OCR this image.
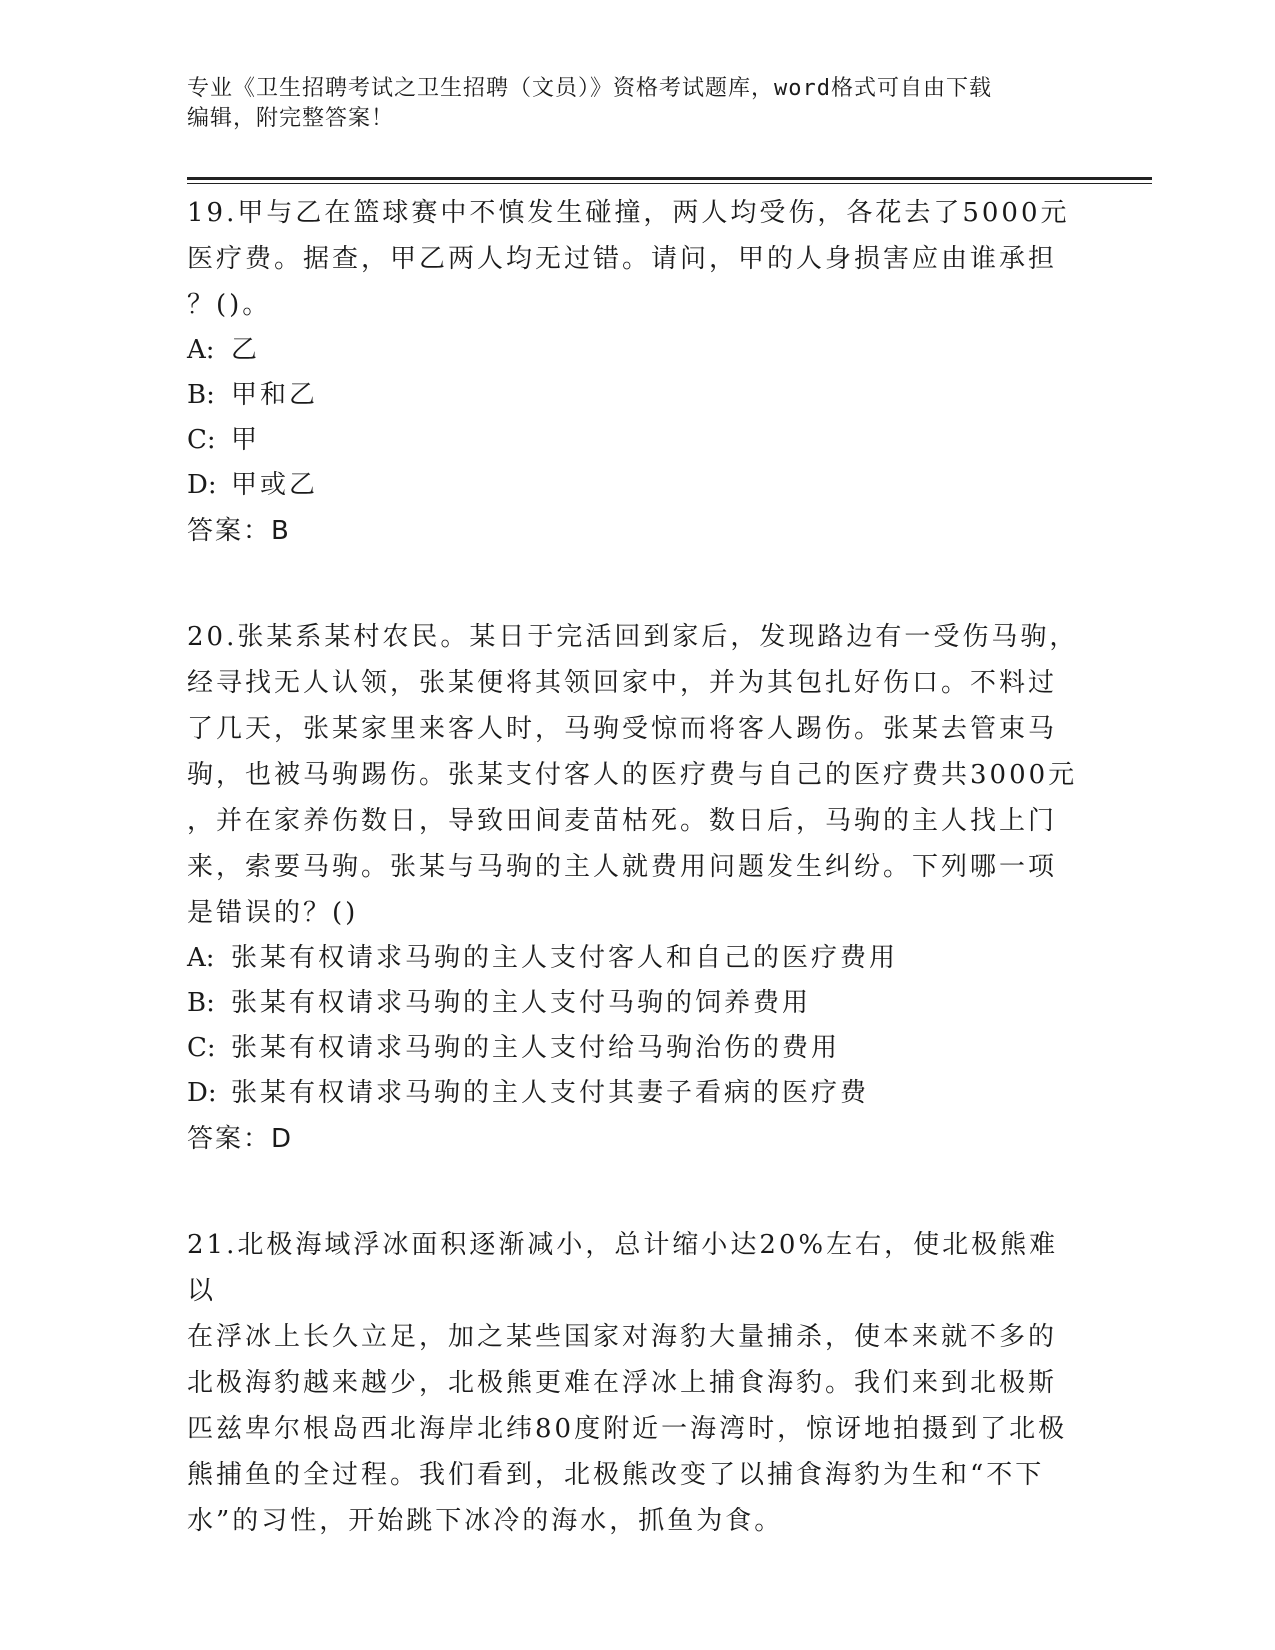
专业《卫生招聘考试之卫生招聘（文员）》资格考试题库，word格式可自由下载
编辑，附完整答案！
19.甲与乙在篮球赛中不慎发生碰撞，两人均受伤，各花去了5000元
医疗费。据查，甲乙两人均无过错。请问，甲的人身损害应由谁承担
？()。
A: 乙
B: 甲和乙
C: 甲
D: 甲或乙
答案：B
20.张某系某村农民。某日于完活回到家后，发现路边有一受伤马驹，
经寻找无人认领，张某便将其领回家中，并为其包扎好伤口。不料过
了几天，张某家里来客人时，马驹受惊而将客人踢伤。张某去管束马
驹，也被马驹踢伤。张某支付客人的医疗费与自己的医疗费共3000元
，并在家养伤数日，导致田间麦苗枯死。数日后，马驹的主人找上门
来，索要马驹。张某与马驹的主人就费用问题发生纠纷。下列哪一项
是错误的？()
A: 张某有权请求马驹的主人支付客人和自己的医疗费用
B: 张某有权请求马驹的主人支付马驹的饲养费用
C: 张某有权请求马驹的主人支付给马驹治伤的费用
D: 张某有权请求马驹的主人支付其妻子看病的医疗费
答案：D
21.北极海域浮冰面积逐渐减小，总计缩小达20%左右，使北极熊难以
在浮冰上长久立足，加之某些国家对海豹大量捕杀，使本来就不多的
北极海豹越来越少，北极熊更难在浮冰上捕食海豹。我们来到北极斯
匹兹卑尔根岛西北海岸北纬80度附近一海湾时，惊讶地拍摄到了北极
熊捕鱼的全过程。我们看到，北极熊改变了以捕食海豹为生和“不下
水”的习性，开始跳下冰冷的海水，抓鱼为食。
